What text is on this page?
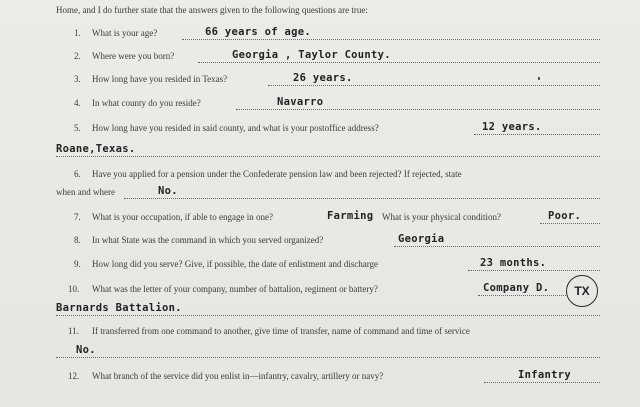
Home, and I do further state that the answers given to the following questions are true:
1. What is your age?	66 years of age.
2. Where were you born?	Georgia , Taylor County.
3. How long have you resided in Texas?	26 years.
4. In what county do you reside?	Navarro
5. How long have you resided in said county, and what is your postoffice address?	12 years.
Roane,Texas.
6. Have you applied for a pension under the Confederate pension law and been rejected? If rejected, state
when and where	No.
7. What is your occupation, if able to engage in one?	Farming What is your physical condition?	Poor.
8. In what State was the command in which you served organized?	Georgia
9. How long did you serve? Give, if possible, the date of enlistment and discharge	23 months.
10. What was the letter of your company, number of battalion, regiment or battery?	Company D.	TX
Barnards Battalion.
11. If transferred from one command to another, give time of transfer, name of command and time of service
No.
12. What branch of the service did you enlist in—infantry, cavalry, artillery or navy?	Infantry
